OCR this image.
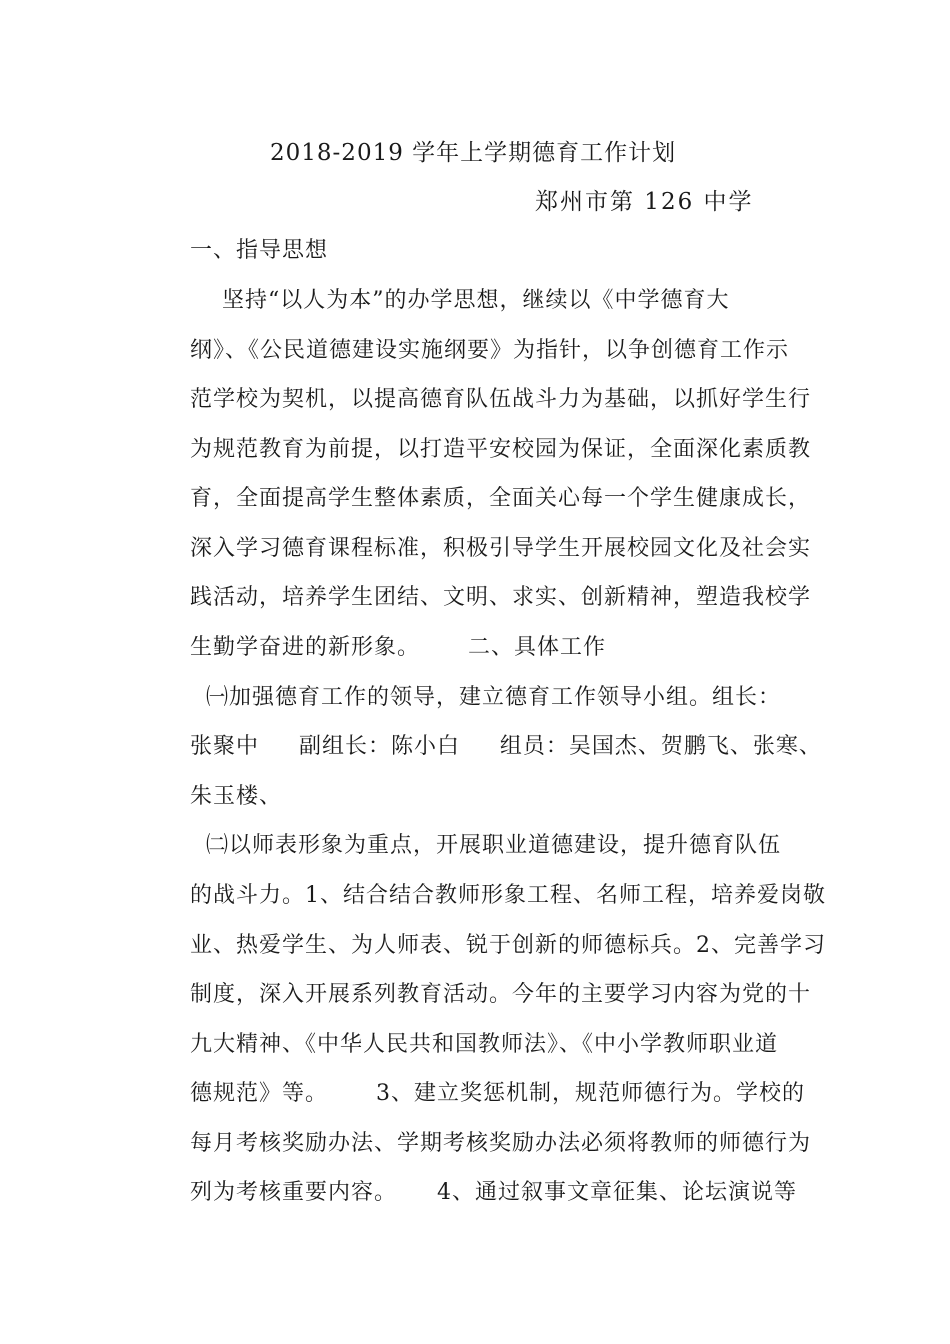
2018-2019 学年上学期德育工作计划
郑州市第 126 中学
一、指导思想
坚持“以人为本”的办学思想，继续以《中学德育大
纲》、《公民道德建设实施纲要》为指针，以争创德育工作示
范学校为契机，以提高德育队伍战斗力为基础，以抓好学生行
为规范教育为前提，以打造平安校园为保证，全面深化素质教
育，全面提高学生整体素质，全面关心每一个学生健康成长，
深入学习德育课程标准，积极引导学生开展校园文化及社会实
践活动，培养学生团结、文明、求实、创新精神，塑造我校学
生勤学奋进的新形象。      二、具体工作
㈠加强德育工作的领导，建立德育工作领导小组。组长：
张聚中     副组长：陈小白     组员：吴国杰、贺鹏飞、张寒、
朱玉楼、
㈡以师表形象为重点，开展职业道德建设，提升德育队伍
的战斗力。1、结合结合教师形象工程、名师工程，培养爱岗敬
业、热爱学生、为人师表、锐于创新的师德标兵。2、完善学习
制度，深入开展系列教育活动。今年的主要学习内容为党的十
九大精神、《中华人民共和国教师法》、《中小学教师职业道
德规范》等。      3、建立奖惩机制，规范师德行为。学校的
每月考核奖励办法、学期考核奖励办法必须将教师的师德行为
列为考核重要内容。     4、通过叙事文章征集、论坛演说等
